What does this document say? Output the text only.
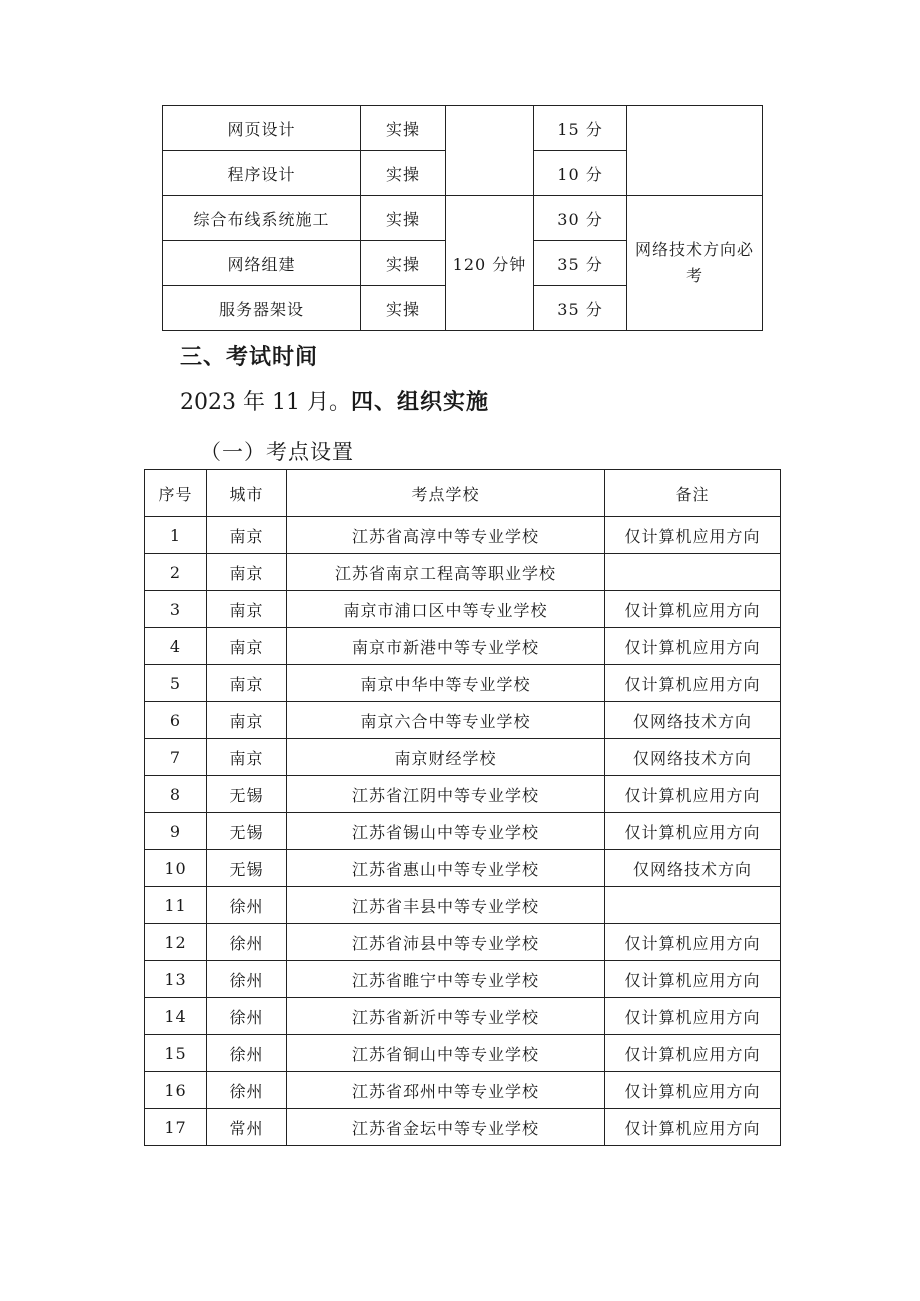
网页设计	实操		15 分	
程序设计	实操		10 分	
综合布线系统施工	实操	120 分钟	30 分	网络技术方向必考
网络组建	实操		35 分	
服务器架设	实操		35 分	
三、考试时间

2023 年 11 月。四、组织实施

（一）考点设置

序号	城市	考点学校	备注
1	南京	江苏省高淳中等专业学校	仅计算机应用方向
2	南京	江苏省南京工程高等职业学校	
3	南京	南京市浦口区中等专业学校	仅计算机应用方向
4	南京	南京市新港中等专业学校	仅计算机应用方向
5	南京	南京中华中等专业学校	仅计算机应用方向
6	南京	南京六合中等专业学校	仅网络技术方向
7	南京	南京财经学校	仅网络技术方向
8	无锡	江苏省江阴中等专业学校	仅计算机应用方向
9	无锡	江苏省锡山中等专业学校	仅计算机应用方向
10	无锡	江苏省惠山中等专业学校	仅网络技术方向
11	徐州	江苏省丰县中等专业学校	
12	徐州	江苏省沛县中等专业学校	仅计算机应用方向
13	徐州	江苏省睢宁中等专业学校	仅计算机应用方向
14	徐州	江苏省新沂中等专业学校	仅计算机应用方向
15	徐州	江苏省铜山中等专业学校	仅计算机应用方向
16	徐州	江苏省邳州中等专业学校	仅计算机应用方向
17	常州	江苏省金坛中等专业学校	仅计算机应用方向
